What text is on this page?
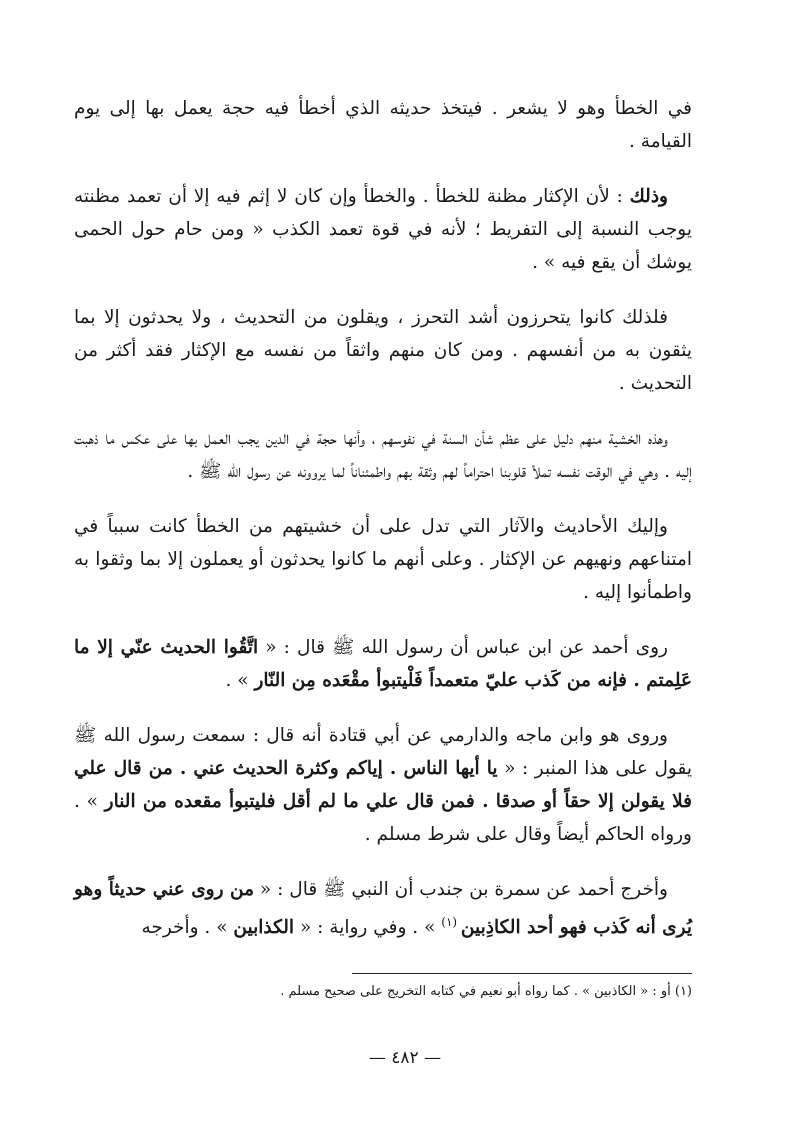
في الخطأ وهو لا يشعر . فيتخذ حديثه الذي أخطأ فيه حجة يعمل بها إلى يوم القيامة .

وذلك : لأن الإكثار مظنة للخطأ . والخطأ وإن كان لا إثم فيه إلا أن تعمد مظنته يوجب النسبة إلى التفريط ؛ لأنه في قوة تعمد الكذب « ومن حام حول الحمى يوشك أن يقع فيه » .

فلذلك كانوا يتحرزون أشد التحرز ، ويقلون من التحديث ، ولا يحدثون إلا بما يثقون به من أنفسهم . ومن كان منهم واثقاً من نفسه مع الإكثار فقد أكثر من التحديث .

وهذه الخشية منهم دليل على عظم شأن السنة في نفوسهم ، وأنها حجة في الدين يجب العمل بها على عكس ما ذهبت إليه . وهي في الوقت نفسه تملأ قلوبنا احتراماً لهم وثقة بهم واطمئناناً لما يروونه عن رسول الله ﷺ .

وإليك الأحاديث والآثار التي تدل على أن خشيتهم من الخطأ كانت سبباً في امتناعهم ونهيهم عن الإكثار . وعلى أنهم ما كانوا يحدثون أو يعملون إلا بما وثقوا به واطمأنوا إليه .

روى أحمد عن ابن عباس أن رسول الله ﷺ قال : « اتَّقُوا الحديث عنّي إلا ما عَلِمتم . فإنه من كَذب عليّ متعمداً فَلْيتبوأ مقْعَده مِن النّار » .

وروى هو وابن ماجه والدارمي عن أبي قتادة أنه قال : سمعت رسول الله ﷺ يقول على هذا المنبر : « يا أيها الناس . إياكم وكثرة الحديث عني . من قال علي فلا يقولن إلا حقاً أو صدقا . فمن قال علي ما لم أقل فليتبوأ مقعده من النار » . ورواه الحاكم أيضاً وقال على شرط مسلم .

وأخرج أحمد عن سمرة بن جندب أن النبي ﷺ قال : « من روى عني حديثاً وهو يُرى أنه كَذب فهو أحد الكاذِبين $^{(١)}$ » . وفي رواية : « الكذابين » . وأخرجه

(١) أو : « الكاذبين » . كما رواه أبو نعيم في كتابه التخريج على صحيح مسلم .
— ٤٨٢ —
